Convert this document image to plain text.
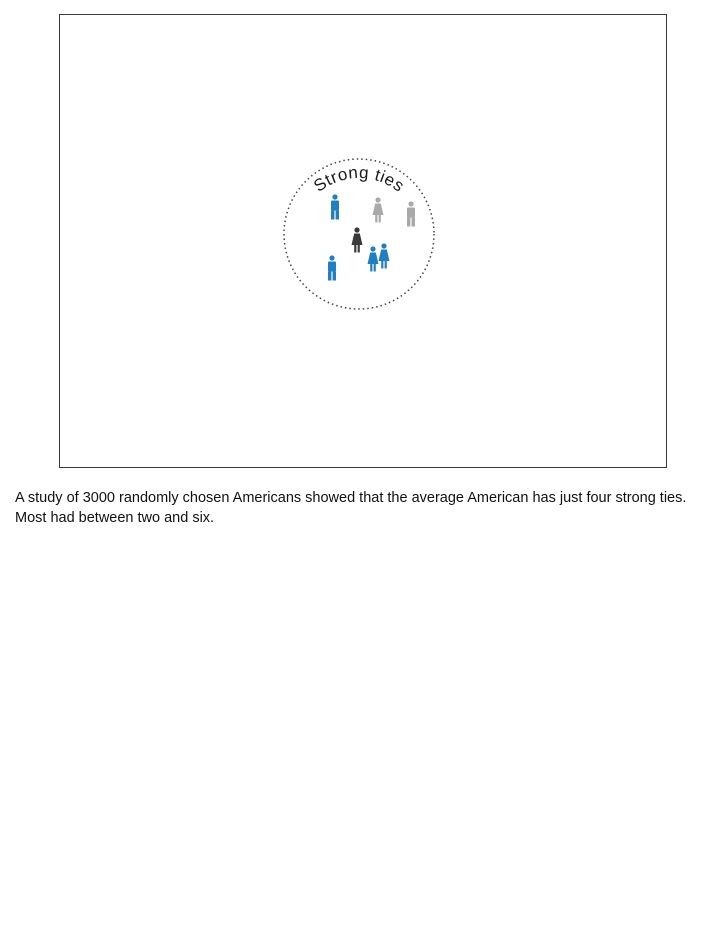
Strong ties

A study of 3000 randomly chosen Americans showed that the average American has just four strong ties. Most had between two and six.
